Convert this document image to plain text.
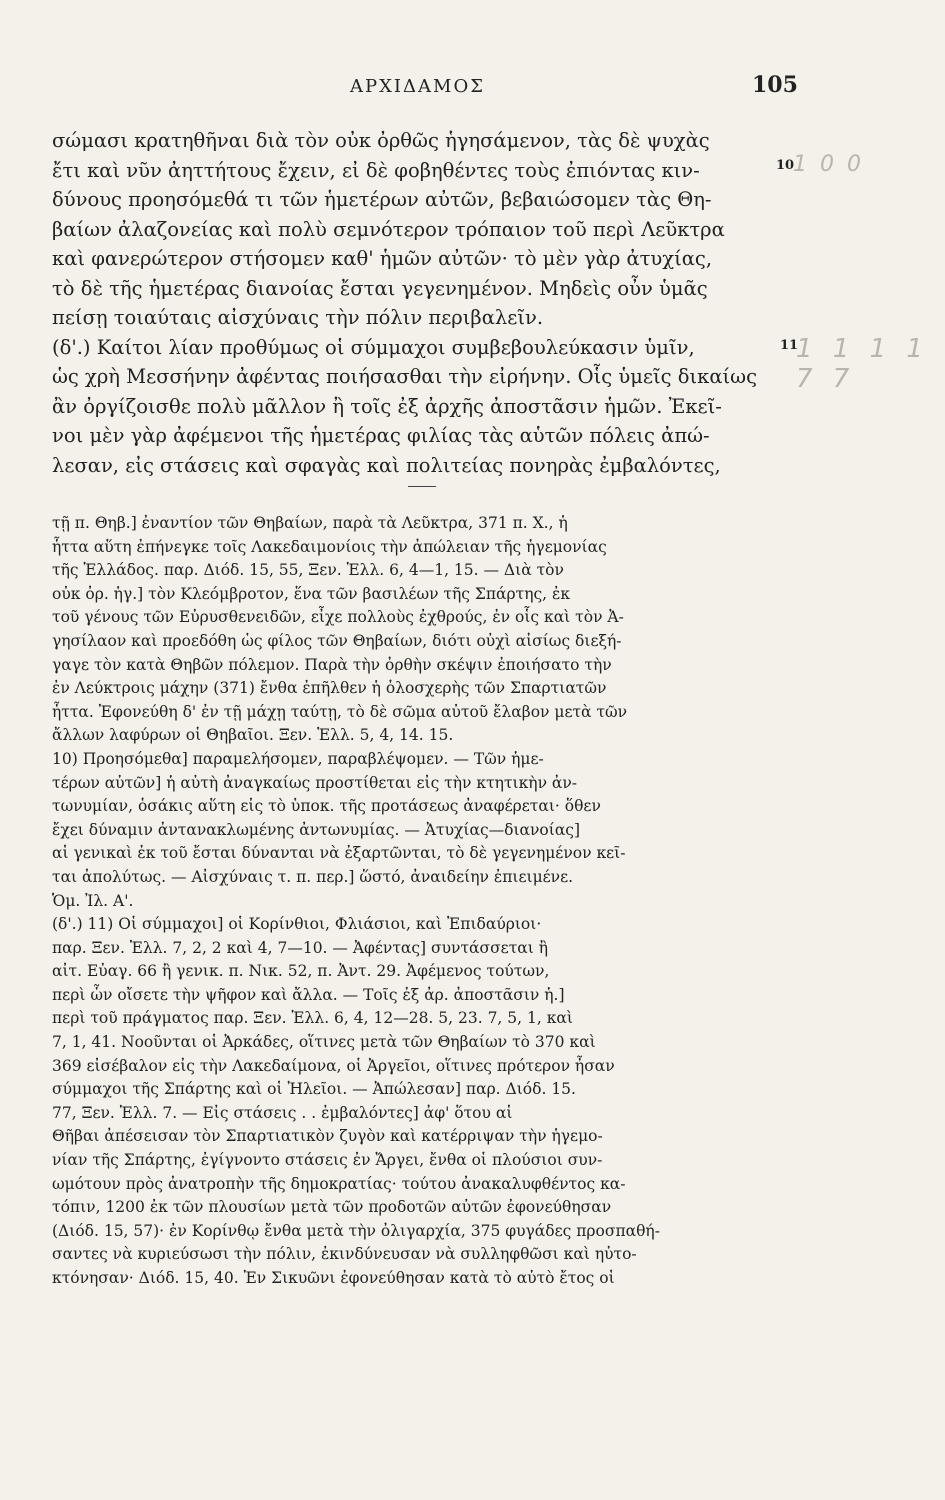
ΑΡΧΙΔΑΜΟΣ	105
10
1 0 0
11
1 1 1 1 7 7
σώμασι κρατηθῆναι διὰ τὸν οὐκ ὀρθῶς ἡγησάμενον, τὰς δὲ ψυχὰς
ἔτι καὶ νῦν ἀηττήτους ἔχειν, εἰ δὲ φοβηθέντες τοὺς ἐπιόντας κιν-
δύνους προησόμεθά τι τῶν ἡμετέρων αὐτῶν, βεβαιώσομεν τὰς Θη-
βαίων ἀλαζονείας καὶ πολὺ σεμνότερον τρόπαιον τοῦ περὶ Λεῦκτρα
καὶ φανερώτερον στήσομεν καθ' ἡμῶν αὐτῶν· τὸ μὲν γὰρ ἀτυχίας,
τὸ δὲ τῆς ἡμετέρας διανοίας ἔσται γεγενημένον. Μηδεὶς οὖν ὑμᾶς
πείσῃ τοιαύταις αἰσχύναις τὴν πόλιν περιβαλεῖν.
(δ'.) Καίτοι λίαν προθύμως οἱ σύμμαχοι συμβεβουλεύκασιν ὑμῖν,
ὡς χρὴ Μεσσήνην ἀφέντας ποιήσασθαι τὴν εἰρήνην. Οἷς ὑμεῖς δικαίως
ἂν ὀργίζοισθε πολὺ μᾶλλον ἢ τοῖς ἐξ ἀρχῆς ἀποστᾶσιν ἡμῶν. Ἐκεῖ-
νοι μὲν γὰρ ἀφέμενοι τῆς ἡμετέρας φιλίας τὰς αὑτῶν πόλεις ἀπώ-
λεσαν, εἰς στάσεις καὶ σφαγὰς καὶ πολιτείας πονηρὰς ἐμβαλόντες,
τῇ π. Θηβ.] ἐναντίον τῶν Θηβαίων, παρὰ τὰ Λεῦκτρα, 371 π. Χ., ἡ
ἧττα αὕτη ἐπήνεγκε τοῖς Λακεδαιμονίοις τὴν ἀπώλειαν τῆς ἡγεμονίας
τῆς Ἑλλάδος. παρ. Διόδ. 15, 55, Ξεν. Ἑλλ. 6, 4—1, 15. — Διὰ τὸν
οὐκ ὀρ. ἡγ.] τὸν Κλεόμβροτον, ἕνα τῶν βασιλέων τῆς Σπάρτης, ἐκ
τοῦ γένους τῶν Εὐρυσθενειδῶν, εἶχε πολλοὺς ἐχθρούς, ἐν οἷς καὶ τὸν Ἀ-
γησίλαον καὶ προεδόθη ὡς φίλος τῶν Θηβαίων, διότι οὐχὶ αἰσίως διεξή-
γαγε τὸν κατὰ Θηβῶν πόλεμον. Παρὰ τὴν ὀρθὴν σκέψιν ἐποιήσατο τὴν
ἐν Λεύκτροις μάχην (371) ἔνθα ἐπῆλθεν ἡ ὁλοσχερὴς τῶν Σπαρτιατῶν
ἧττα. Ἐφονεύθη δ' ἐν τῇ μάχῃ ταύτῃ, τὸ δὲ σῶμα αὐτοῦ ἔλαβον μετὰ τῶν
ἄλλων λαφύρων οἱ Θηβαῖοι. Ξεν. Ἑλλ. 5, 4, 14. 15.
10) Προησόμεθα] παραμελήσομεν, παραβλέψομεν. — Τῶν ἡμε-
τέρων αὐτῶν] ἡ αὐτὴ ἀναγκαίως προστίθεται εἰς τὴν κτητικὴν ἀν-
τωνυμίαν, ὁσάκις αὕτη εἰς τὸ ὑποκ. τῆς προτάσεως ἀναφέρεται· ὅθεν
ἔχει δύναμιν ἀντανακλωμένης ἀντωνυμίας. — Ἀτυχίας—διανοίας]
αἱ γενικαὶ ἐκ τοῦ ἔσται δύνανται νὰ ἐξαρτῶνται, τὸ δὲ γεγενημένον κεῖ-
ται ἀπολύτως. — Αἰσχύναις τ. π. περ.] ὥστό, ἀναιδείην ἐπιειμένε.
Ὁμ. Ἰλ. Α'.
(δ'.) 11) Οἱ σύμμαχοι] οἱ Κορίνθιοι, Φλιάσιοι, καὶ Ἐπιδαύριοι·
παρ. Ξεν. Ἑλλ. 7, 2, 2 καὶ 4, 7—10. — Ἀφέντας] συντάσσεται ἢ
αἰτ. Εὐαγ. 66 ἢ γενικ. π. Νικ. 52, π. Ἀντ. 29. Ἀφέμενος τούτων,
περὶ ὧν οἴσετε τὴν ψῆφον καὶ ἄλλα. — Τοῖς ἐξ ἀρ. ἀποστᾶσιν ἡ.]
περὶ τοῦ πράγματος παρ. Ξεν. Ἑλλ. 6, 4, 12—28. 5, 23. 7, 5, 1, καὶ
7, 1, 41. Νοοῦνται οἱ Ἀρκάδες, οἵτινες μετὰ τῶν Θηβαίων τὸ 370 καὶ
369 εἰσέβαλον εἰς τὴν Λακεδαίμονα, οἱ Ἀργεῖοι, οἵτινες πρότερον ἦσαν
σύμμαχοι τῆς Σπάρτης καὶ οἱ Ἠλεῖοι. — Ἀπώλεσαν] παρ. Διόδ. 15.
77, Ξεν. Ἑλλ. 7. — Εἰς στάσεις . . ἐμβαλόντες] ἀφ' ὅτου αἱ
Θῆβαι ἀπέσεισαν τὸν Σπαρτιατικὸν ζυγὸν καὶ κατέρριψαν τὴν ἡγεμο-
νίαν τῆς Σπάρτης, ἐγίγνοντο στάσεις ἐν Ἄργει, ἔνθα οἱ πλούσιοι συν-
ωμότουν πρὸς ἀνατροπὴν τῆς δημοκρατίας· τούτου ἀνακαλυφθέντος κα-
τόπιν, 1200 ἐκ τῶν πλουσίων μετὰ τῶν προδοτῶν αὐτῶν ἐφονεύθησαν
(Διόδ. 15, 57)· ἐν Κορίνθῳ ἔνθα μετὰ τὴν ὀλιγαρχία, 375 φυγάδες προσπαθή-
σαντες νὰ κυριεύσωσι τὴν πόλιν, ἐκινδύνευσαν νὰ συλληφθῶσι καὶ ηὐτο-
κτόνησαν· Διόδ. 15, 40. Ἐν Σικυῶνι ἐφονεύθησαν κατὰ τὸ αὐτὸ ἔτος οἱ
